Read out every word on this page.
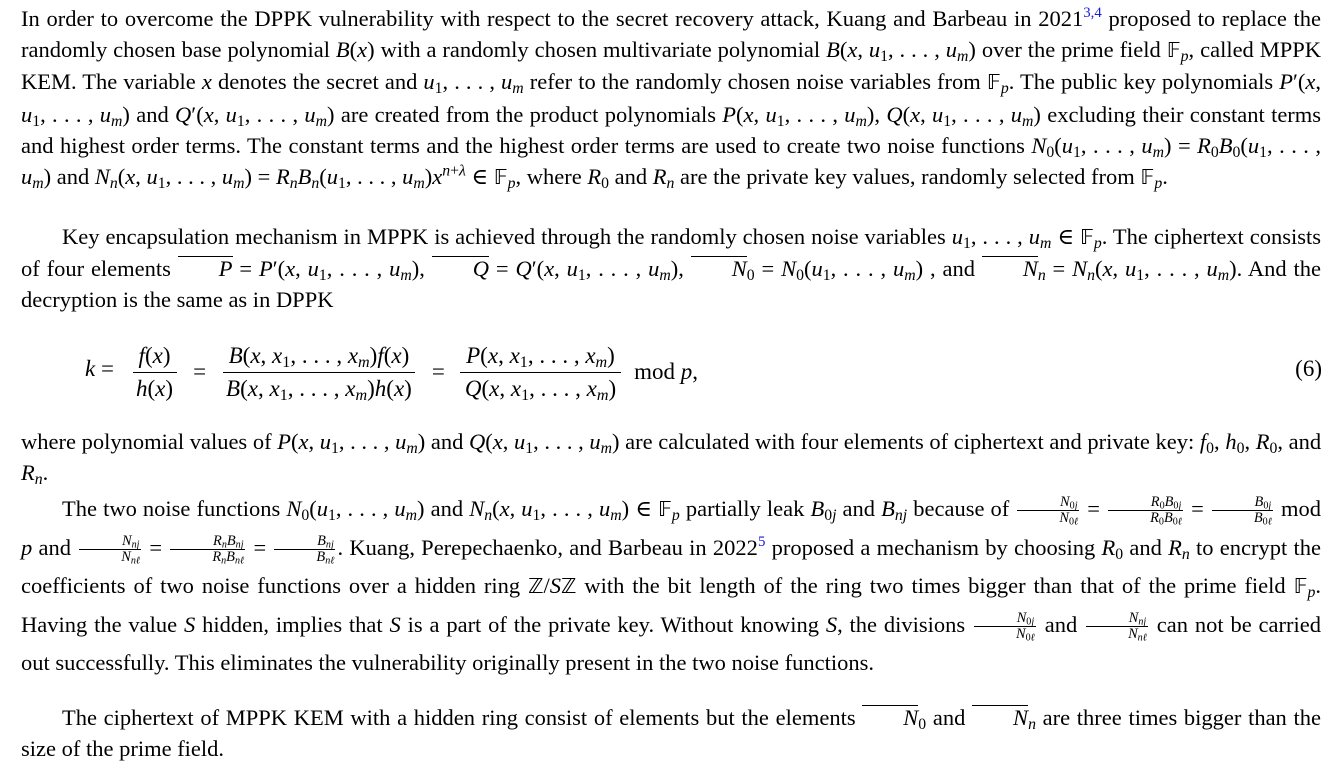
In order to overcome the DPPK vulnerability with respect to the secret recovery attack, Kuang and Barbeau in 2021$^{3,4}$ proposed to replace the randomly chosen base polynomial B(x) with a randomly chosen multivariate polynomial B(x, $u_1$, . . . , $u_m$) over the prime field 𝔽$_p$, called MPPK KEM. The variable x denotes the secret and $u_1$, . . . , $u_m$ refer to the randomly chosen noise variables from 𝔽$_p$. The public key polynomials P′(x, $u_1$, . . . , $u_m$) and Q′(x, $u_1$, . . . , $u_m$) are created from the product polynomials P(x, $u_1$, . . . , $u_m$), Q(x, $u_1$, . . . , $u_m$) excluding their constant terms and highest order terms. The constant terms and the highest order terms are used to create two noise functions $N_0(u_1$, . . . , $u_m) = R_0B_0(u_1$, . . . , $u_m$) and $N_n(x$, $u_1$, . . . , $u_m) = R_nB_n(u_1$, . . . , $u_m)x^{n+\lambda}$ ∈ 𝔽$_p$, where $R_0$ and $R_n$ are the private key values, randomly selected from 𝔽$_p$.

Key encapsulation mechanism in MPPK is achieved through the randomly chosen noise variables $u_1$, . . . , $u_m$ ∈ 𝔽$_p$. The ciphertext consists of four elements P = P′(x, $u_1$, . . . , $u_m$), Q = Q′(x, $u_1$, . . . , $u_m$), $N_0 = N_0(u_1$, . . . , $u_m$) , and $N_n = N_n(x$, $u_1$, . . . , $u_m$). And the decryption is the same as in DPPK

$k = \frac{f(x)}{h(x)} = \frac{B(x, x_1, . . . , x_m)f(x)}{B(x, x_1, . . . , x_m)h(x)} = \frac{P(x, x_1, . . . , x_m)}{Q(x, x_1, . . . , x_m)}$ mod p,	(6)

where polynomial values of P(x, $u_1$, . . . , $u_m$) and Q(x, $u_1$, . . . , $u_m$) are calculated with four elements of ciphertext and private key: $f_0$, $h_0$, $R_0$, and $R_n$.

The two noise functions $N_0(u_1$, . . . , $u_m$) and $N_n(x$, $u_1$, . . . , $u_m$) ∈ 𝔽$_p$ partially leak $B_{0j}$ and $B_{nj}$ because of	$N_{0j}$
$N_{0\ell}$
=	$R_0B_{0j}$
$R_0B_{0\ell}$
=	$B_{0j}$
$B_{0\ell}$
mod p and	$N_{nj}$
$N_{n\ell}$
=	$R_nB_{nj}$
$R_nB_{n\ell}$
=	$B_{nj}$
$B_{n\ell}$
. Kuang, Perepechaenko, and Barbeau in 2022$^5$ proposed a mechanism by choosing $R_0$ and $R_n$ to encrypt the coefficients of two noise functions over a hidden ring ℤ/Sℤ with the bit length of the ring two times bigger than that of the prime field 𝔽$_p$. Having the value S hidden, implies that S is a part of the private key. Without knowing S, the divisions	$N_{0j}$
$N_{0\ell}$
and	$N_{nj}$
$N_{n\ell}$
can not be carried out successfully. This eliminates the vulnerability originally present in the two noise functions.

The ciphertext of MPPK KEM with a hidden ring consist of elements but the elements $N_0$ and $N_n$ are three times bigger than the size of the prime field.
